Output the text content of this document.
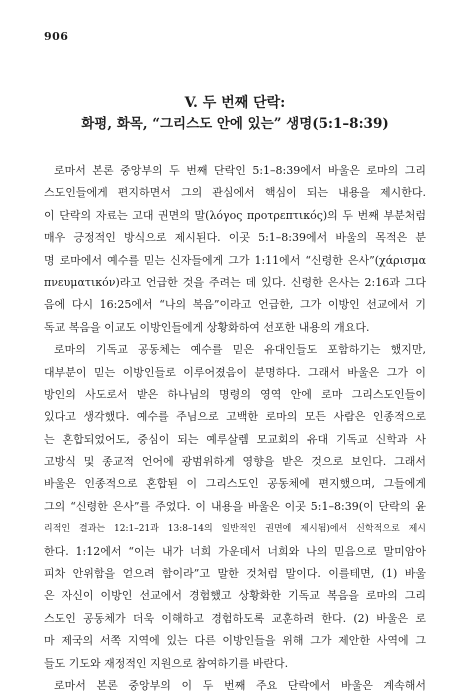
906
V. 두 번째 단락:
화평, 화목, “그리스도 안에 있는” 생명(5:1–8:39)
로마서 본론 중앙부의 두 번째 단락인 5:1–8:39에서 바울은 로마의 그리
스도인들에게 편지하면서 그의 관심에서 핵심이 되는 내용을 제시한다.
이 단락의 자료는 고대 권면의 말(λόγος προτρεπτικός)의 두 번째 부분처럼
매우 긍정적인 방식으로 제시된다. 이곳 5:1–8:39에서 바울의 목적은 분
명 로마에서 예수를 믿는 신자들에게 그가 1:11에서 “신령한 은사”(χάρισμα
πνευματικόν)라고 언급한 것을 주려는 데 있다. 신령한 은사는 2:16과 그다
음에 다시 16:25에서 “나의 복음”이라고 언급한, 그가 이방인 선교에서 기
독교 복음을 이교도 이방인들에게 상황화하여 선포한 내용의 개요다.
로마의 기독교 공동체는 예수를 믿은 유대인들도 포함하기는 했지만,
대부분이 믿는 이방인들로 이루어졌음이 분명하다. 그래서 바울은 그가 이
방인의 사도로서 받은 하나님의 명령의 영역 안에 로마 그리스도인들이
있다고 생각했다. 예수를 주님으로 고백한 로마의 모든 사람은 인종적으로
는 혼합되었어도, 중심이 되는 예루살렘 모교회의 유대 기독교 신학과 사
고방식 및 종교적 언어에 광범위하게 영향을 받은 것으로 보인다. 그래서
바울은 인종적으로 혼합된 이 그리스도인 공동체에 편지했으며, 그들에게
그의 “신령한 은사”를 주었다. 이 내용을 바울은 이곳 5:1–8:39(이 단락의 윤
리적인 결과는 12:1–21과 13:8–14의 일반적인 권면에 제시됨)에서 신학적으로 제시
한다. 1:12에서 “이는 내가 너희 가운데서 너희와 나의 믿음으로 말미암아
피차 안위함을 얻으려 함이라”고 말한 것처럼 말이다. 이를테면, (1) 바울
은 자신이 이방인 선교에서 경험했고 상황화한 기독교 복음을 로마의 그리
스도인 공동체가 더욱 이해하고 경험하도록 교훈하려 한다. (2) 바울은 로
마 제국의 서쪽 지역에 있는 다른 이방인들을 위해 그가 제안한 사역에 그
들도 기도와 재정적인 지원으로 참여하기를 바란다.
로마서 본론 중앙부의 이 두 번째 주요 단락에서 바울은 계속해서
